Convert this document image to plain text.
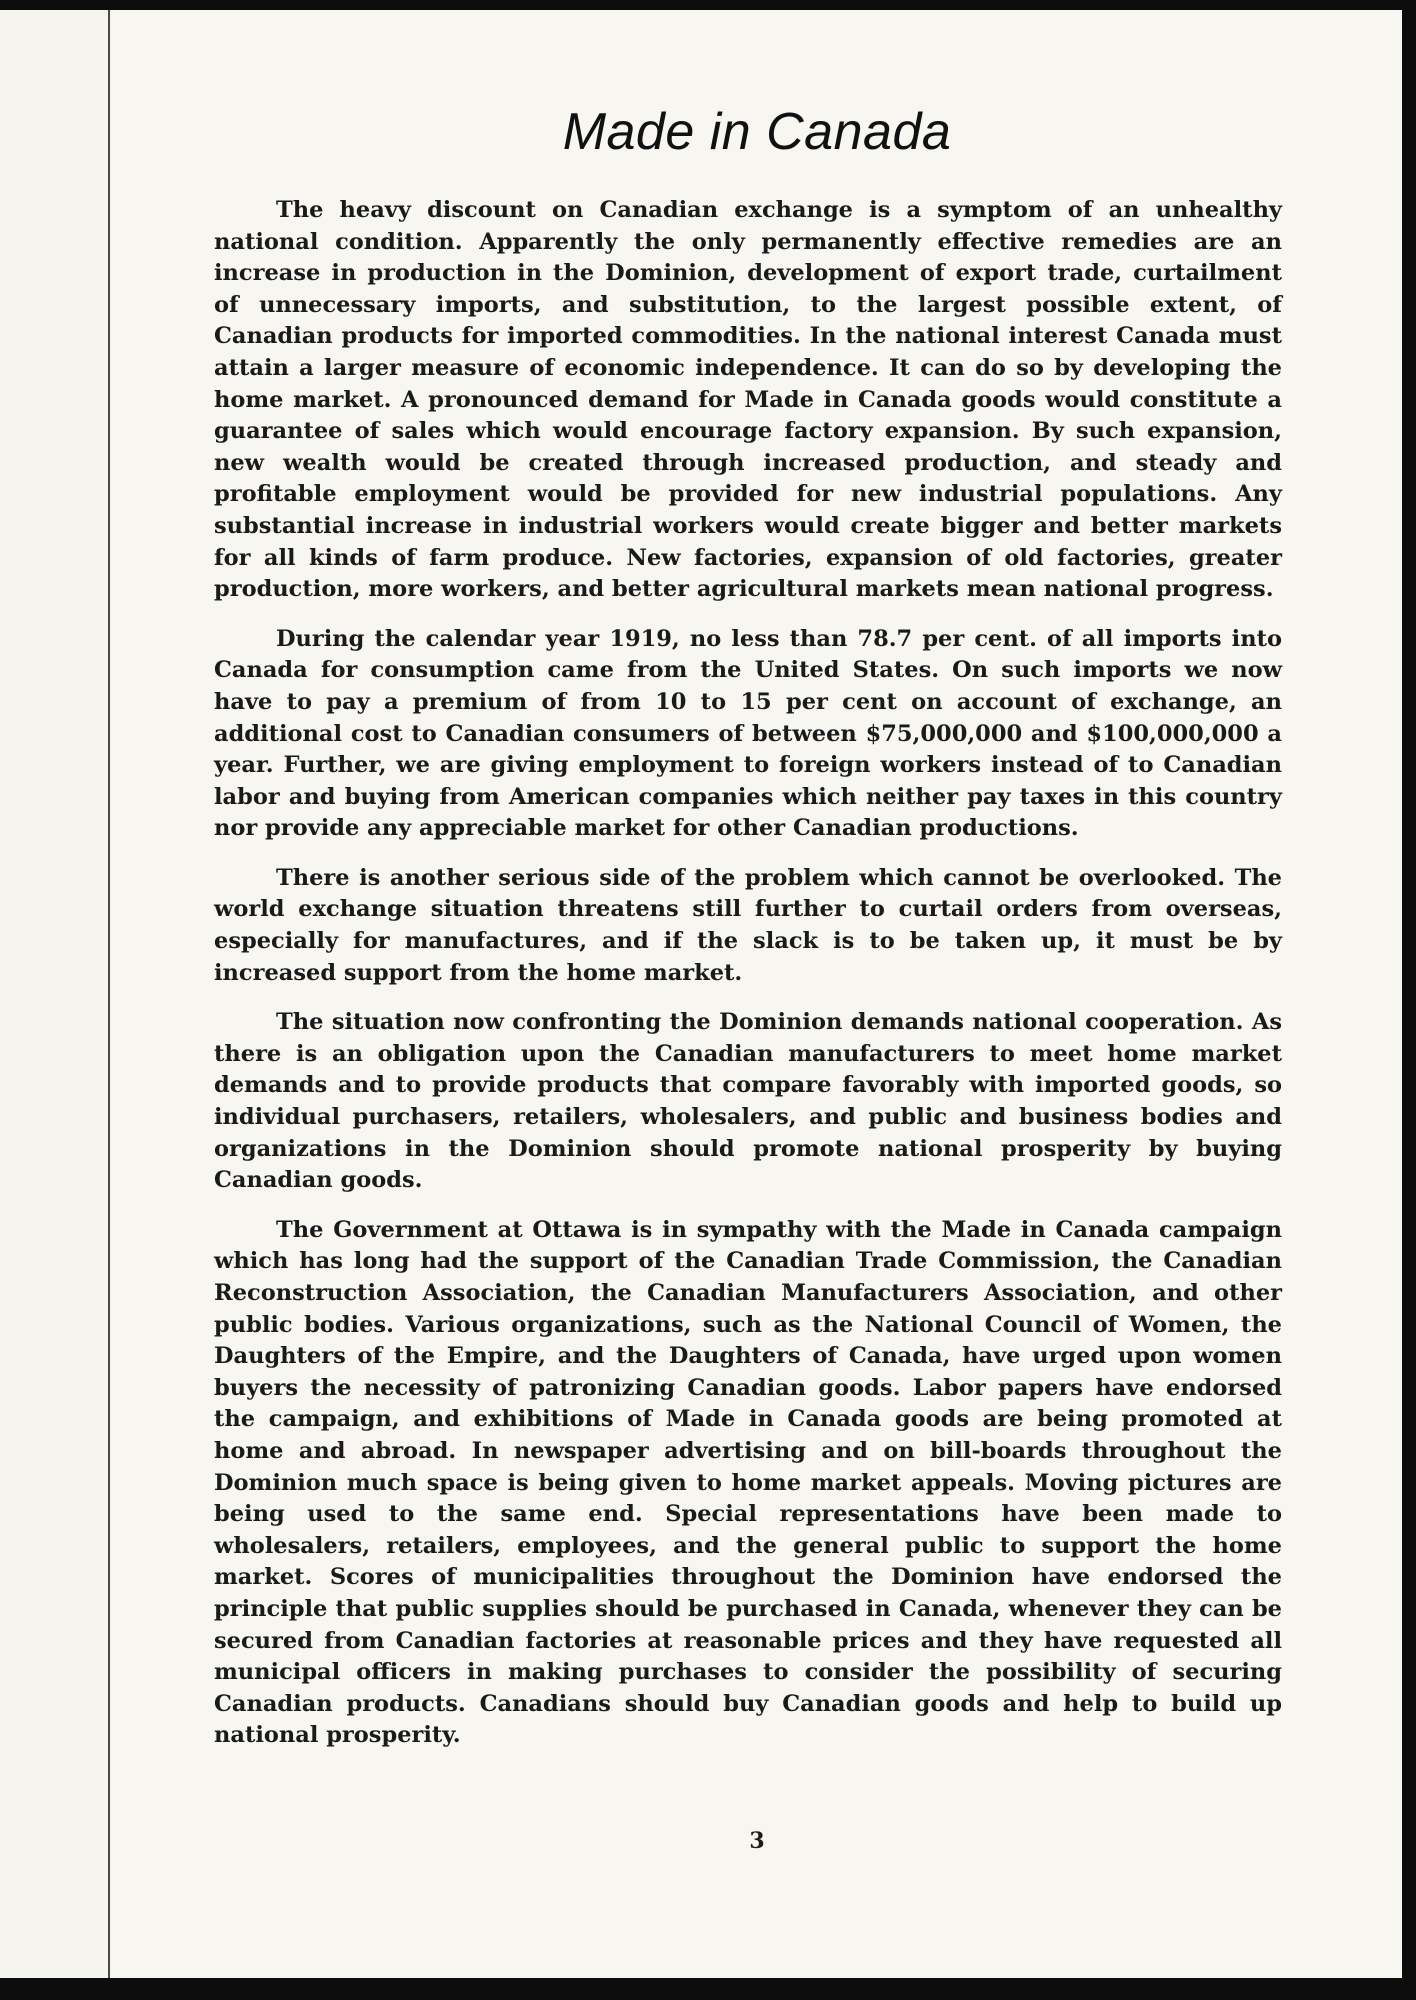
Made in Canada

The heavy discount on Canadian exchange is a symptom of an unhealthy national condition. Apparently the only permanently effective remedies are an increase in production in the Dominion, development of export trade, curtailment of unnecessary imports, and substitution, to the largest possible extent, of Canadian products for imported commodities. In the national interest Canada must attain a larger measure of economic independence. It can do so by developing the home market. A pronounced demand for Made in Canada goods would constitute a guarantee of sales which would encourage factory expansion. By such expansion, new wealth would be created through increased production, and steady and profitable employment would be provided for new industrial populations. Any substantial increase in industrial workers would create bigger and better markets for all kinds of farm produce. New factories, expansion of old factories, greater production, more workers, and better agricultural markets mean national progress.

During the calendar year 1919, no less than 78.7 per cent. of all imports into Canada for consumption came from the United States. On such imports we now have to pay a premium of from 10 to 15 per cent on account of exchange, an additional cost to Canadian consumers of between $75,000,000 and $100,000,000 a year. Further, we are giving employment to foreign workers instead of to Canadian labor and buying from American companies which neither pay taxes in this country nor provide any appreciable market for other Canadian productions.

There is another serious side of the problem which cannot be overlooked. The world exchange situation threatens still further to curtail orders from overseas, especially for manufactures, and if the slack is to be taken up, it must be by increased support from the home market.

The situation now confronting the Dominion demands national cooperation. As there is an obligation upon the Canadian manufacturers to meet home market demands and to provide products that compare favorably with imported goods, so individual purchasers, retailers, wholesalers, and public and business bodies and organizations in the Dominion should promote national prosperity by buying Canadian goods.

The Government at Ottawa is in sympathy with the Made in Canada campaign which has long had the support of the Canadian Trade Commission, the Canadian Reconstruction Association, the Canadian Manufacturers Association, and other public bodies. Various organizations, such as the National Council of Women, the Daughters of the Empire, and the Daughters of Canada, have urged upon women buyers the necessity of patronizing Canadian goods. Labor papers have endorsed the campaign, and exhibitions of Made in Canada goods are being promoted at home and abroad. In newspaper advertising and on bill-boards throughout the Dominion much space is being given to home market appeals. Moving pictures are being used to the same end. Special representations have been made to wholesalers, retailers, employees, and the general public to support the home market. Scores of municipalities throughout the Dominion have endorsed the principle that public supplies should be purchased in Canada, whenever they can be secured from Canadian factories at reasonable prices and they have requested all municipal officers in making purchases to consider the possibility of securing Canadian products. Canadians should buy Canadian goods and help to build up national prosperity.

3
